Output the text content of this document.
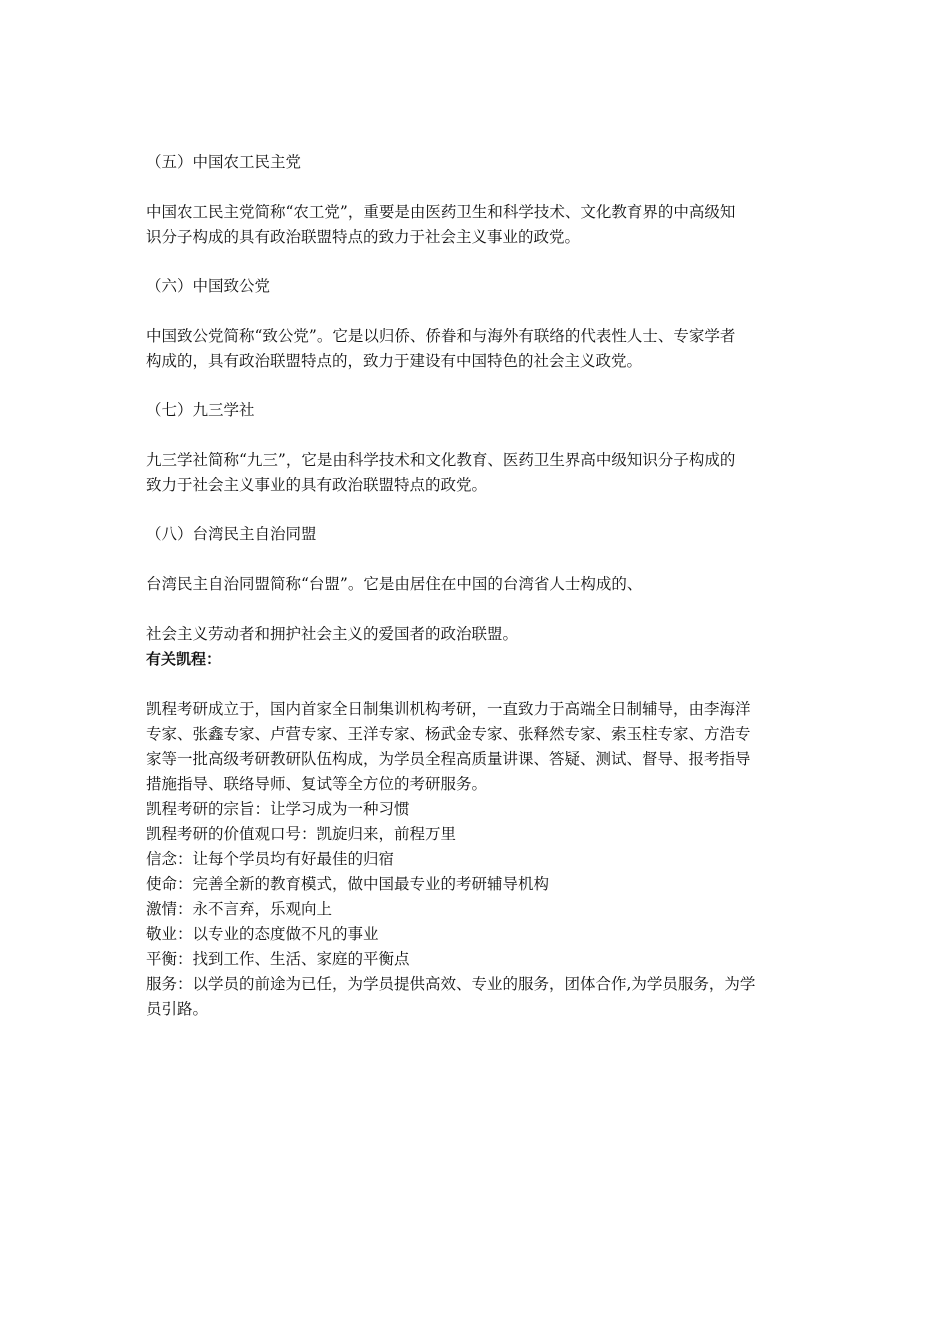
（五）中国农工民主党

中国农工民主党简称“农工党”，重要是由医药卫生和科学技术、文化教育界的中高级知
识分子构成的具有政治联盟特点的致力于社会主义事业的政党。

（六）中国致公党

中国致公党简称“致公党”。它是以归侨、侨眷和与海外有联络的代表性人士、专家学者
构成的，具有政治联盟特点的，致力于建设有中国特色的社会主义政党。

（七）九三学社

九三学社简称“九三”，它是由科学技术和文化教育、医药卫生界高中级知识分子构成的
致力于社会主义事业的具有政治联盟特点的政党。

（八）台湾民主自治同盟

台湾民主自治同盟简称“台盟”。它是由居住在中国的台湾省人士构成的、
社会主义劳动者和拥护社会主义的爱国者的政治联盟。
有关凯程：
凯程考研成立于，国内首家全日制集训机构考研，一直致力于高端全日制辅导，由李海洋
专家、张鑫专家、卢营专家、王洋专家、杨武金专家、张释然专家、索玉柱专家、方浩专
家等一批高级考研教研队伍构成，为学员全程高质量讲课、答疑、测试、督导、报考指导
措施指导、联络导师、复试等全方位的考研服务。
凯程考研的宗旨：让学习成为一种习惯
凯程考研的价值观口号：凯旋归来，前程万里
信念：让每个学员均有好最佳的归宿
使命：完善全新的教育模式，做中国最专业的考研辅导机构
激情：永不言弃，乐观向上
敬业：以专业的态度做不凡的事业
平衡：找到工作、生活、家庭的平衡点
服务：以学员的前途为已任，为学员提供高效、专业的服务，团体合作,为学员服务，为学
员引路。
